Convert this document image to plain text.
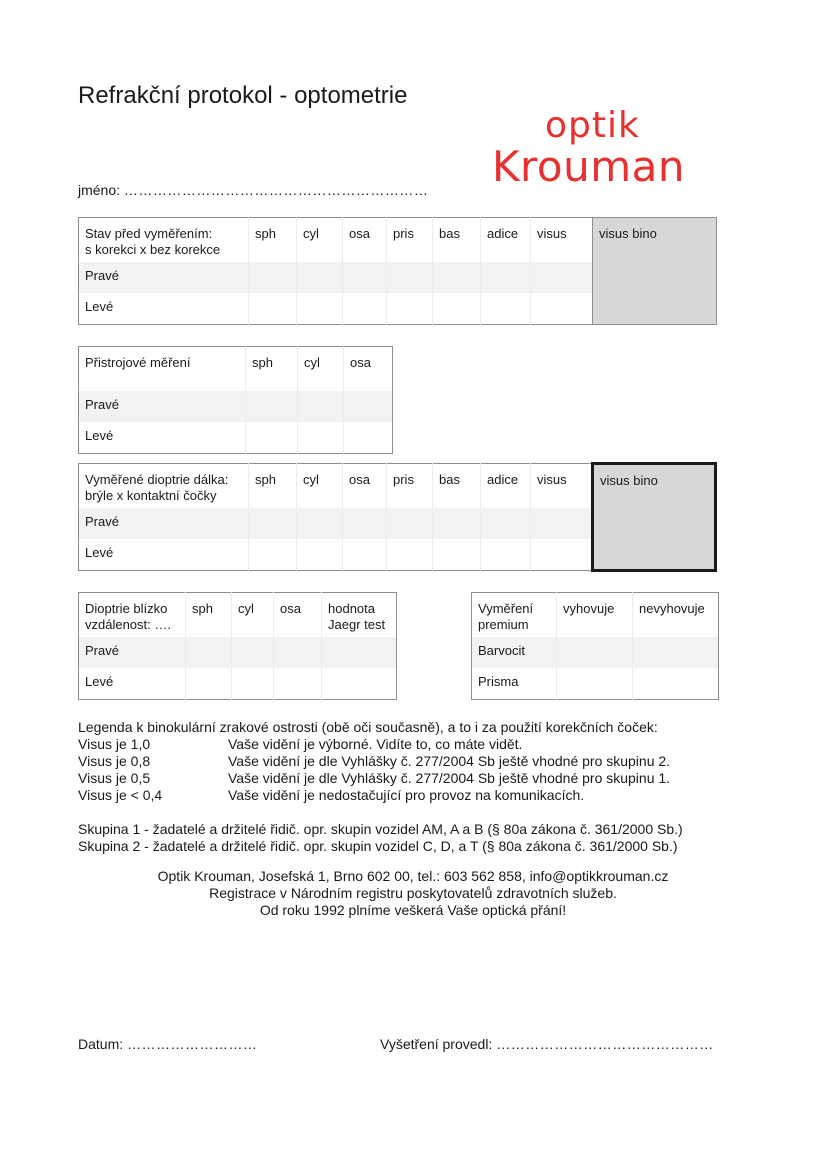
Refrakční protokol - optometrie
optik
Krouman
jméno: ………………………………………………………
Stav před vyměřením:
s korekci x bez korekce	sph	cyl	osa	pris	bas	adice	visus	visus bino
Pravé								
Levé								
Přistrojové měření	sph	cyl	osa
Pravé			
Levé			
Vyměřené dioptrie dálka:
brýle x kontaktní čočky	sph	cyl	osa	pris	bas	adice	visus	visus bino
Pravé								
Levé								
Dioptrie blízko
vzdálenost: ….	sph	cyl	osa	hodnota
Jaegr test
Pravé				
Levé				
Vyměření
premium	vyhovuje	nevyhovuje
Barvocit		
Prisma		
Legenda k binokulární zrakové ostrosti (obě oči současně), a to i za použití korekčních čoček:
Visus je 1,0	Vaše vidění je výborné. Vidíte to, co máte vidět.
Visus je 0,8	Vaše vidění je dle Vyhlášky č. 277/2004 Sb ještě vhodné pro skupinu 2.
Visus je 0,5	Vaše vidění je dle Vyhlášky č. 277/2004 Sb ještě vhodné pro skupinu 1.
Visus je < 0,4	Vaše vidění je nedostačující pro provoz na komunikacích.
Skupina 1 - žadatelé a držitelé řidič. opr. skupin vozidel AM, A a B (§ 80a zákona č. 361/2000 Sb.)
Skupina 2 - žadatelé a držitelé řidič. opr. skupin vozidel C, D, a T (§ 80a zákona č. 361/2000 Sb.)
Optik Krouman, Josefská 1, Brno 602 00, tel.: 603 562 858, info@optikkrouman.cz
Registrace v Národním registru poskytovatelů zdravotních služeb.
Od roku 1992 plníme veškerá Vaše optická přání!
Datum: ………………………	Vyšetření provedl: ………………………………………
